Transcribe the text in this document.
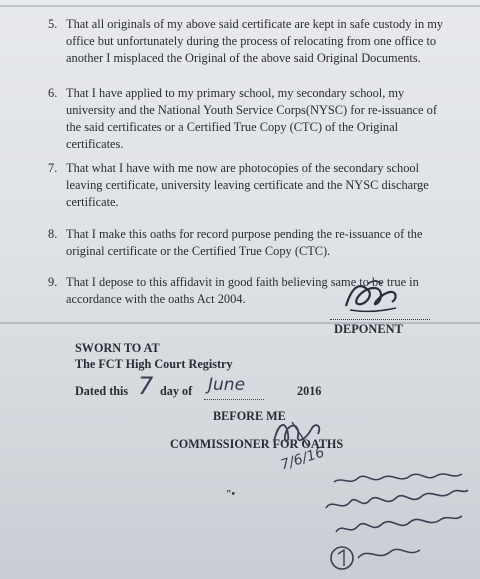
5. That all originals of my above said certificate are kept in safe custody in my
office but unfortunately during the process of relocating from one office to
another I misplaced the Original of the above said Original Documents.
6. That I have applied to my primary school, my secondary school, my
university and the National Youth Service Corps(NYSC) for re-issuance of
the said certificates or a Certified True Copy (CTC) of the Original
certificates.
7. That what I have with me now are photocopies of the secondary school
leaving certificate, university leaving certificate and the NYSC discharge
certificate.
8. That I make this oaths for record purpose pending the re-issuance of the
original certificate or the Certified True Copy (CTC).
9. That I depose to this affidavit in good faith believing same to be true in
accordance with the oaths Act 2004.
DEPONENT
SWORN TO AT
The FCT High Court Registry
Dated this 7 day of June	2016
BEFORE ME
COMMISSIONER FOR OATHS
7/6/16
"•
